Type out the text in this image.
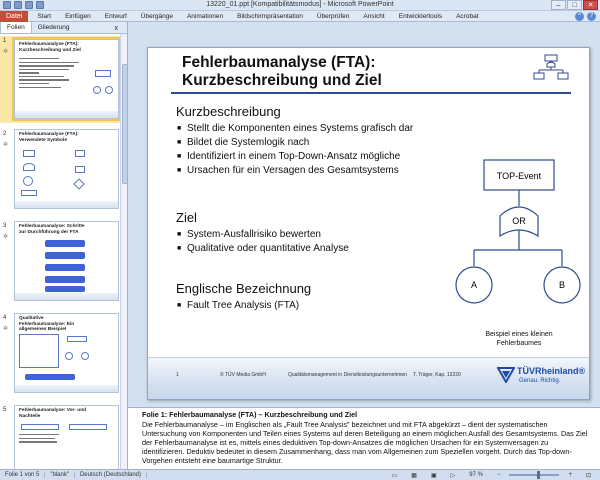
13220_01.ppt [Kompatibilitätsmodus] - Microsoft PowerPoint	–	□	✕
Datei	Start	Einfügen	Entwurf	Übergänge	Animationen	Bildschirmpräsentation	Überprüfen	Ansicht	Entwicklertools	Acrobat	^	?
Folien	Gliederung	x
1
✲
Fehlerbaumanalyse (FTA): Kurzbeschreibung und Ziel
2
✲
Fehlerbaumanalyse (FTA): Verwendete Symbole
3
✲
Fehlerbaumanalyse: Schritte zur Durchführung der FTA
4
✲
Qualitative Fehlerbaumanalyse: Ein allgemeines Beispiel
5	Fehlerbaumanalyse: Vor- und Nachteile
Fehlerbaumanalyse (FTA):
Kurzbeschreibung und Ziel
Kurzbeschreibung
■ Stellt die Komponenten eines Systems grafisch dar
■ Bildet die Systemlogik nach
■ Identifiziert in einem Top-Down-Ansatz mögliche
■ Ursachen für ein Versagen des Gesamtsystems
Ziel
■ System-Ausfallrisiko bewerten
■ Qualitative oder quantitative Analyse
Englische Bezeichnung
■ Fault Tree Analysis (FTA)
TOP-Event
OR
A	B
Beispiel eines kleinen
Fehlerbaumes
1	© TÜV Media GmbH	Qualitätsmanagement in Dienstleistungsunternehmen T. Träger, Kap. 13220	TÜVRheinland®
Genau. Richtig.
Folie 1: Fehlerbaumanalyse (FTA) – Kurzbeschreibung und Ziel
Die Fehlerbaumanalyse – im Englischen als „Fault Tree Analysis" bezeichnet und mit FTA abgekürzt – dient der systematischen Untersuchung von Komponenten und Teilen eines Systems auf deren Beteiligung an einem möglichen Ausfall des Gesamtsystems. Das Ziel der Fehlerbaumanalyse ist es, mittels eines deduktiven Top-down-Ansatzes die möglichen Ursachen für ein Systemversagen zu identifizieren. Deduktiv bedeutet in diesem Zusammenhang, dass man vom Allgemeinen zum Speziellen vorgeht. Durch das Top-down-Vorgehen entsteht eine baumartige Struktur.
Folie 1 von 5	"blank"	Deutsch (Deutschland)	▭	▦	▣	▷	97 %	−	+	⊡
